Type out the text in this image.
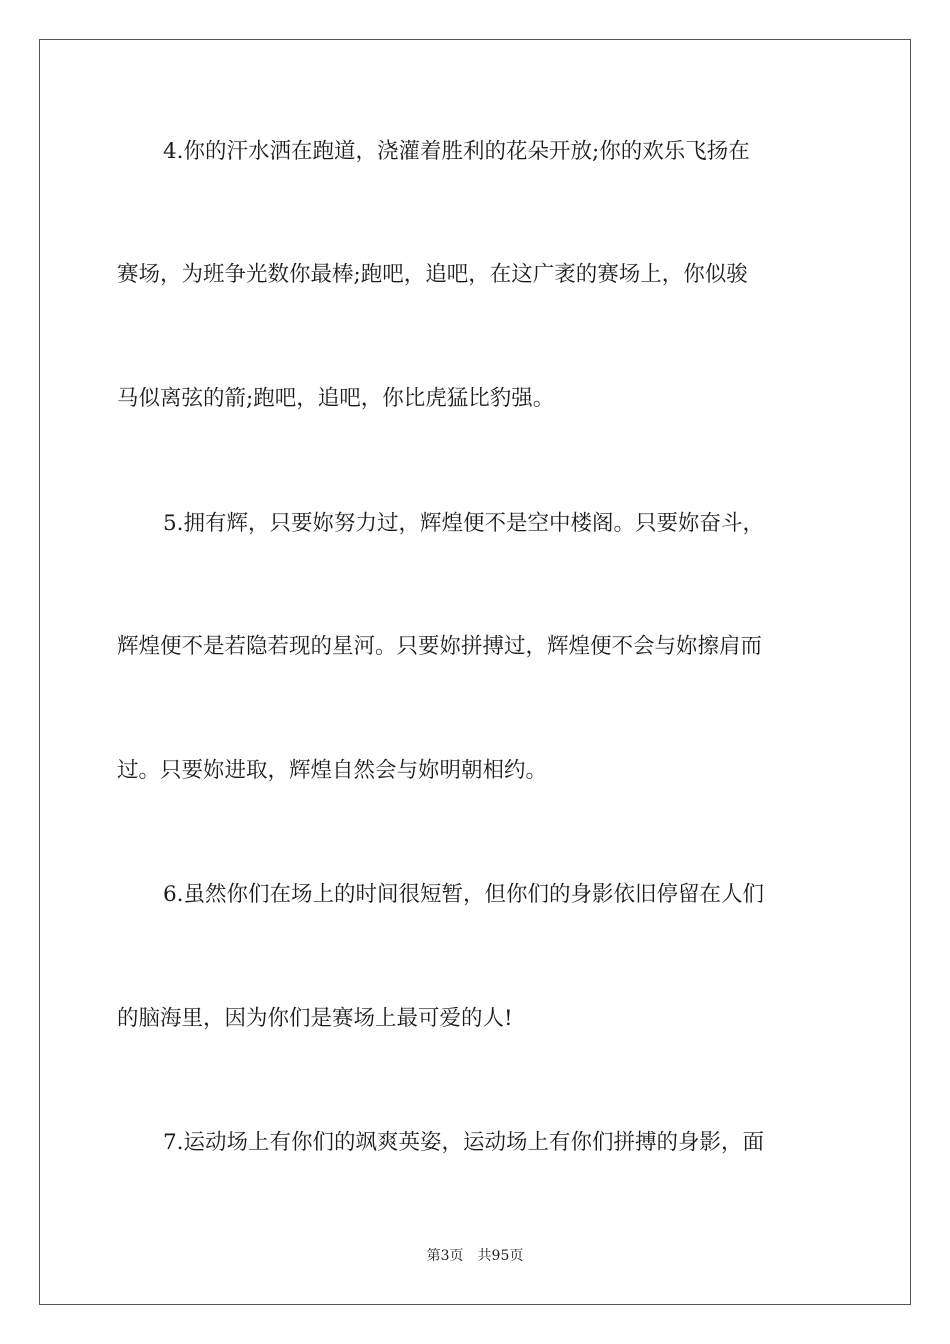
4.你的汗水洒在跑道，浇灌着胜利的花朵开放;你的欢乐飞扬在
赛场，为班争光数你最棒;跑吧，追吧，在这广袤的赛场上，你似骏
马似离弦的箭;跑吧，追吧，你比虎猛比豹强。
5.拥有辉，只要妳努力过，辉煌便不是空中楼阁。只要妳奋斗，
辉煌便不是若隐若现的星河。只要妳拼搏过，辉煌便不会与妳擦肩而
过。只要妳进取，辉煌自然会与妳明朝相约。
6.虽然你们在场上的时间很短暂，但你们的身影依旧停留在人们
的脑海里，因为你们是赛场上最可爱的人!
7.运动场上有你们的飒爽英姿，运动场上有你们拼搏的身影，面
第3页 共95页
